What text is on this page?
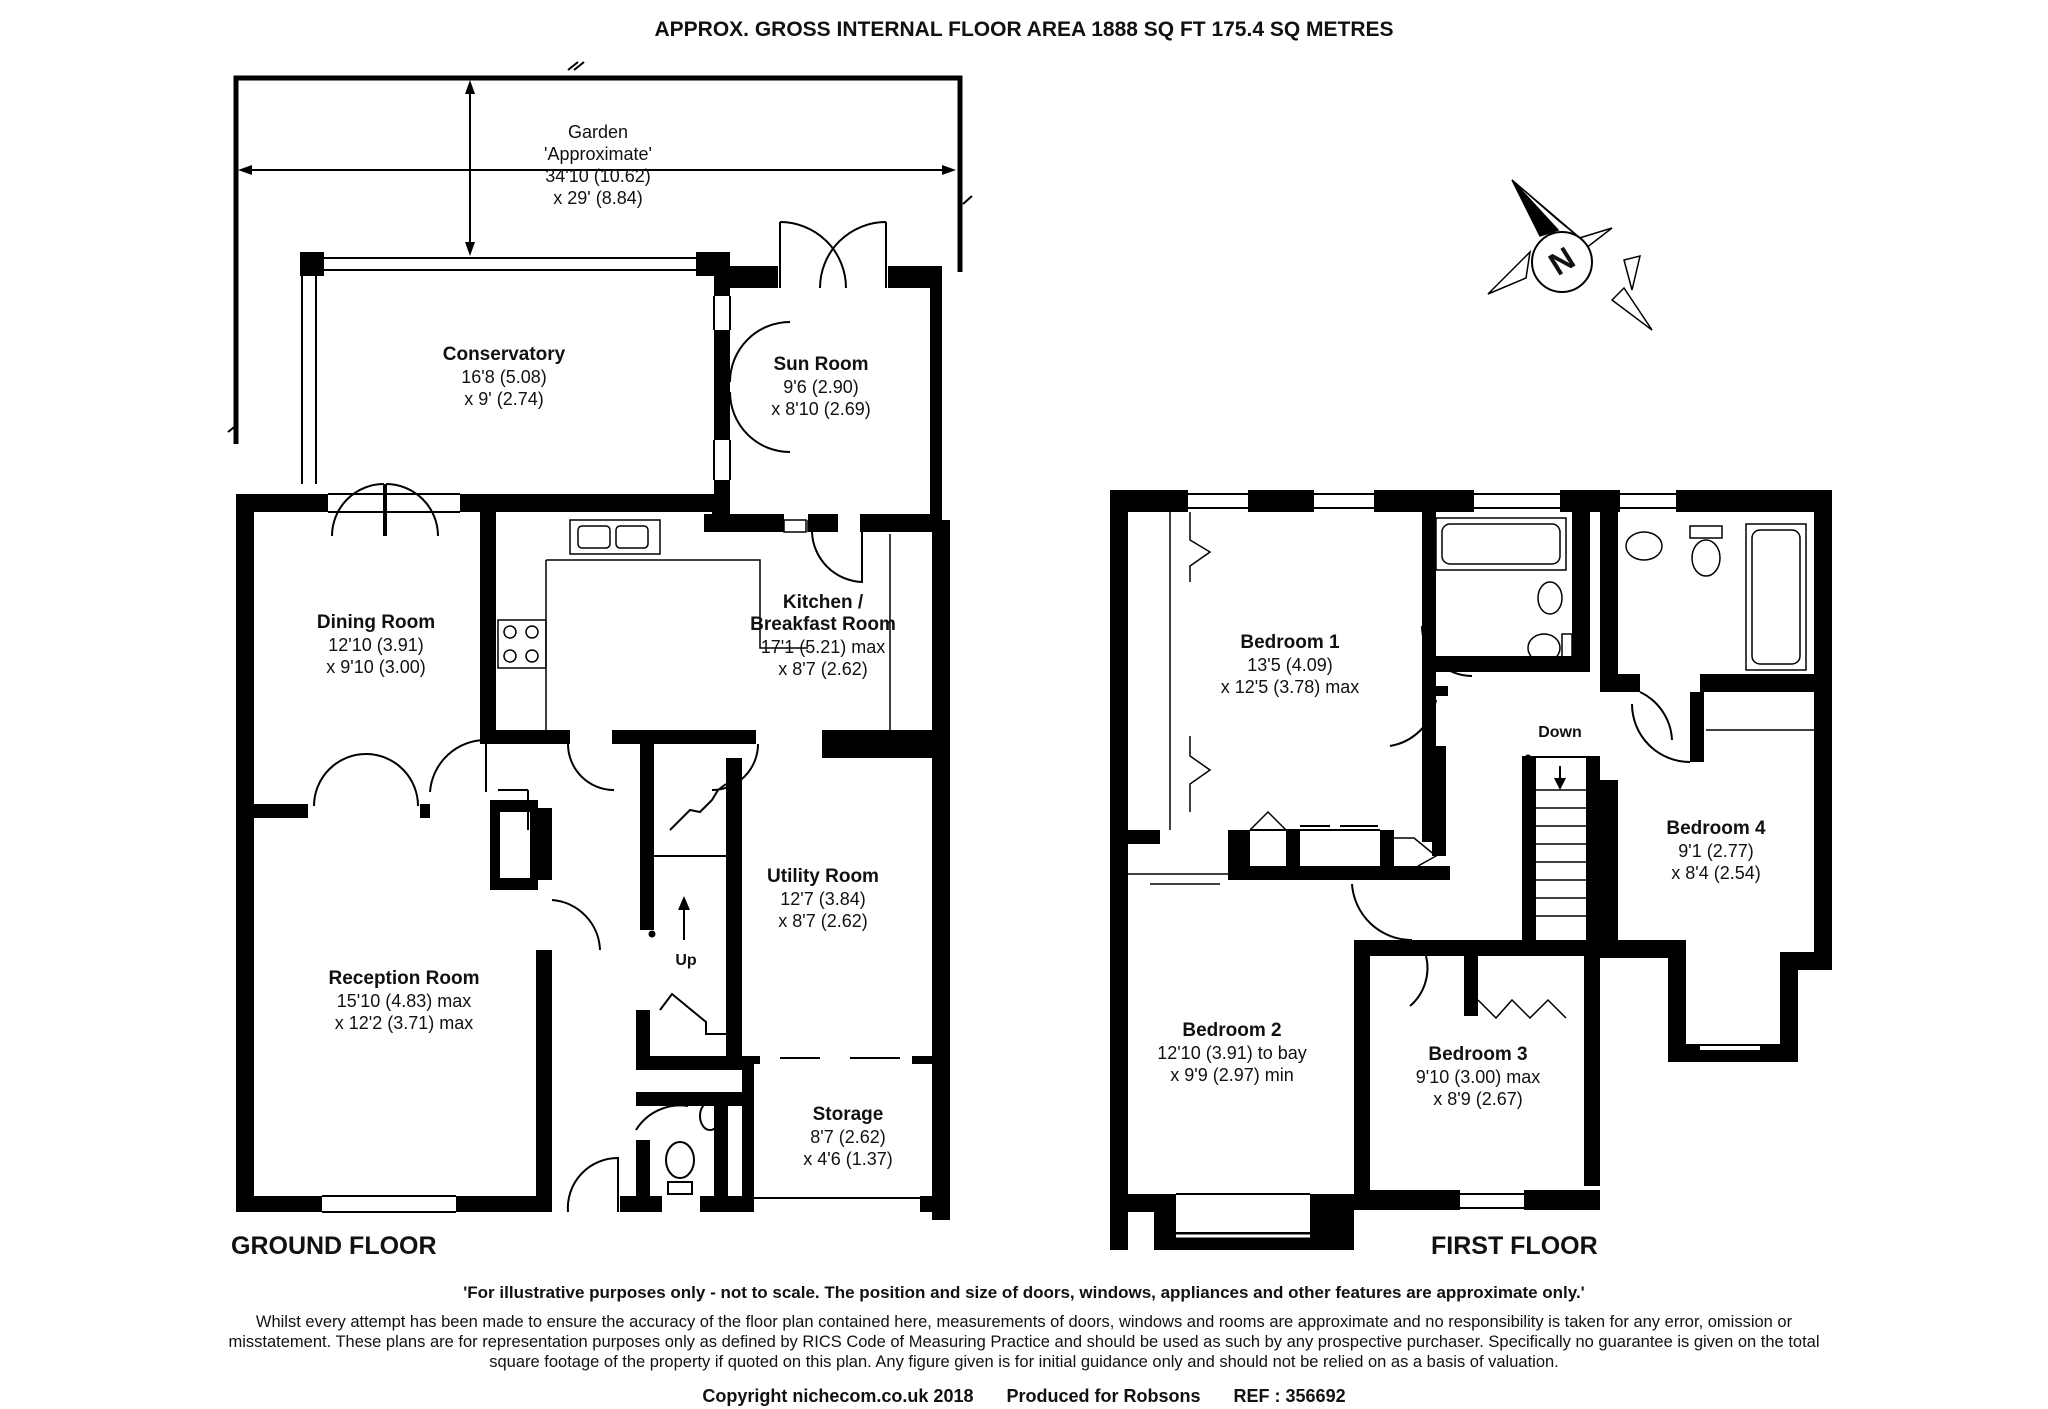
APPROX. GROSS INTERNAL FLOOR AREA 1888 SQ FT 175.4 SQ METRES
Garden
'Approximate'
34'10 (10.62)
x 29' (8.84)
Conservatory
16'8 (5.08)
x 9' (2.74)
Sun Room
9'6 (2.90)
x 8'10 (2.69)
Dining Room
12'10 (3.91)
x 9'10 (3.00)
Kitchen /
Breakfast Room
17'1 (5.21) max
x 8'7 (2.62)
Utility Room
12'7 (3.84)
x 8'7 (2.62)
Reception Room
15'10 (4.83) max
x 12'2 (3.71) max
Storage
8'7 (2.62)
x 4'6 (1.37)
Bedroom 1
13'5 (4.09)
x 12'5 (3.78) max
Bedroom 2
12'10 (3.91) to bay
x 9'9 (2.97) min
Bedroom 3
9'10 (3.00) max
x 8'9 (2.67)
Bedroom 4
9'1 (2.77)
x 8'4 (2.54)
Up
Down
N
GROUND FLOOR	FIRST FLOOR
'For illustrative purposes only - not to scale. The position and size of doors, windows, appliances and other features are approximate only.'
Whilst every attempt has been made to ensure the accuracy of the floor plan contained here, measurements of doors, windows and rooms are approximate and no responsibility is taken for any error, omission or misstatement. These plans are for representation purposes only as defined by RICS Code of Measuring Practice and should be used as such by any prospective purchaser. Specifically no guarantee is given on the total square footage of the property if quoted on this plan. Any figure given is for initial guidance only and should not be relied on as a basis of valuation.
Copyright nichecom.co.uk 2018 Produced for Robsons REF : 356692
